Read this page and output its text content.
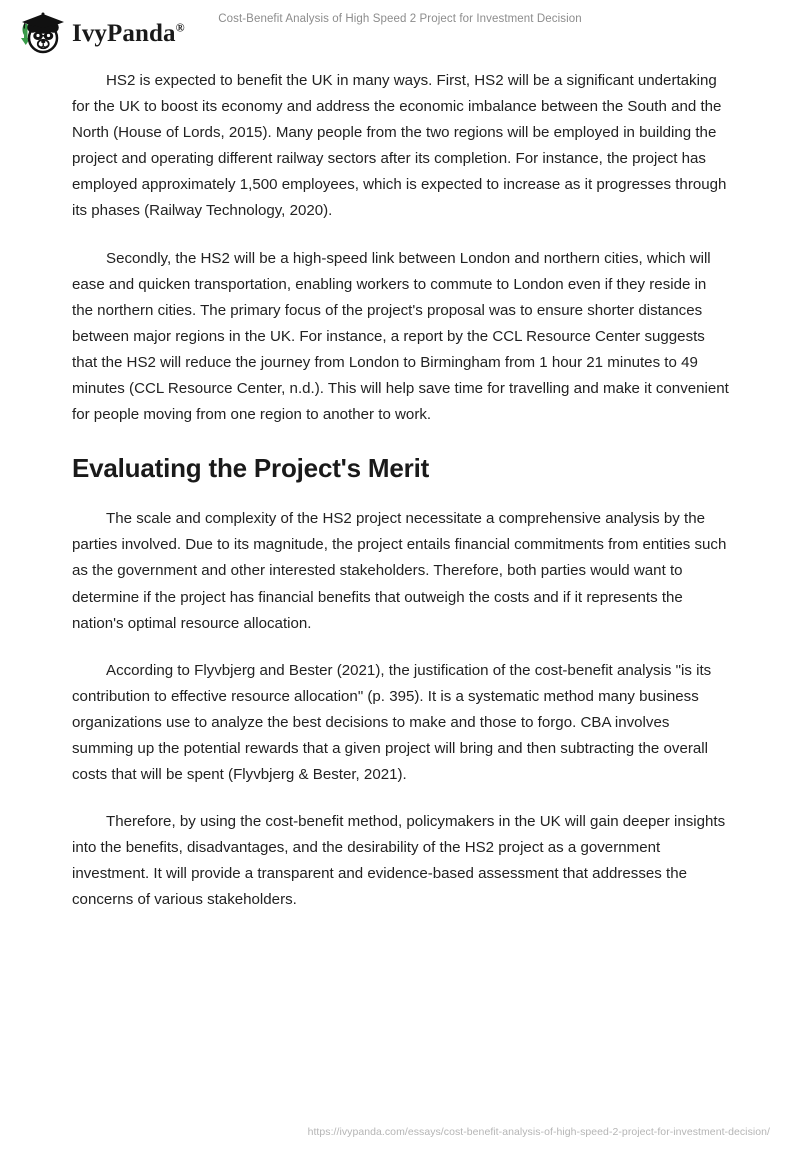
IvyPanda®
Cost-Benefit Analysis of High Speed 2 Project for Investment Decision

HS2 is expected to benefit the UK in many ways. First, HS2 will be a significant undertaking for the UK to boost its economy and address the economic imbalance between the South and the North (House of Lords, 2015). Many people from the two regions will be employed in building the project and operating different railway sectors after its completion. For instance, the project has employed approximately 1,500 employees, which is expected to increase as it progresses through its phases (Railway Technology, 2020).

Secondly, the HS2 will be a high-speed link between London and northern cities, which will ease and quicken transportation, enabling workers to commute to London even if they reside in the northern cities. The primary focus of the project's proposal was to ensure shorter distances between major regions in the UK. For instance, a report by the CCL Resource Center suggests that the HS2 will reduce the journey from London to Birmingham from 1 hour 21 minutes to 49 minutes (CCL Resource Center, n.d.). This will help save time for travelling and make it convenient for people moving from one region to another to work.

Evaluating the Project's Merit

The scale and complexity of the HS2 project necessitate a comprehensive analysis by the parties involved. Due to its magnitude, the project entails financial commitments from entities such as the government and other interested stakeholders. Therefore, both parties would want to determine if the project has financial benefits that outweigh the costs and if it represents the nation's optimal resource allocation.

According to Flyvbjerg and Bester (2021), the justification of the cost-benefit analysis "is its contribution to effective resource allocation" (p. 395). It is a systematic method many business organizations use to analyze the best decisions to make and those to forgo. CBA involves summing up the potential rewards that a given project will bring and then subtracting the overall costs that will be spent (Flyvbjerg & Bester, 2021).

Therefore, by using the cost-benefit method, policymakers in the UK will gain deeper insights into the benefits, disadvantages, and the desirability of the HS2 project as a government investment. It will provide a transparent and evidence-based assessment that addresses the concerns of various stakeholders.

https://ivypanda.com/essays/cost-benefit-analysis-of-high-speed-2-project-for-investment-decision/
